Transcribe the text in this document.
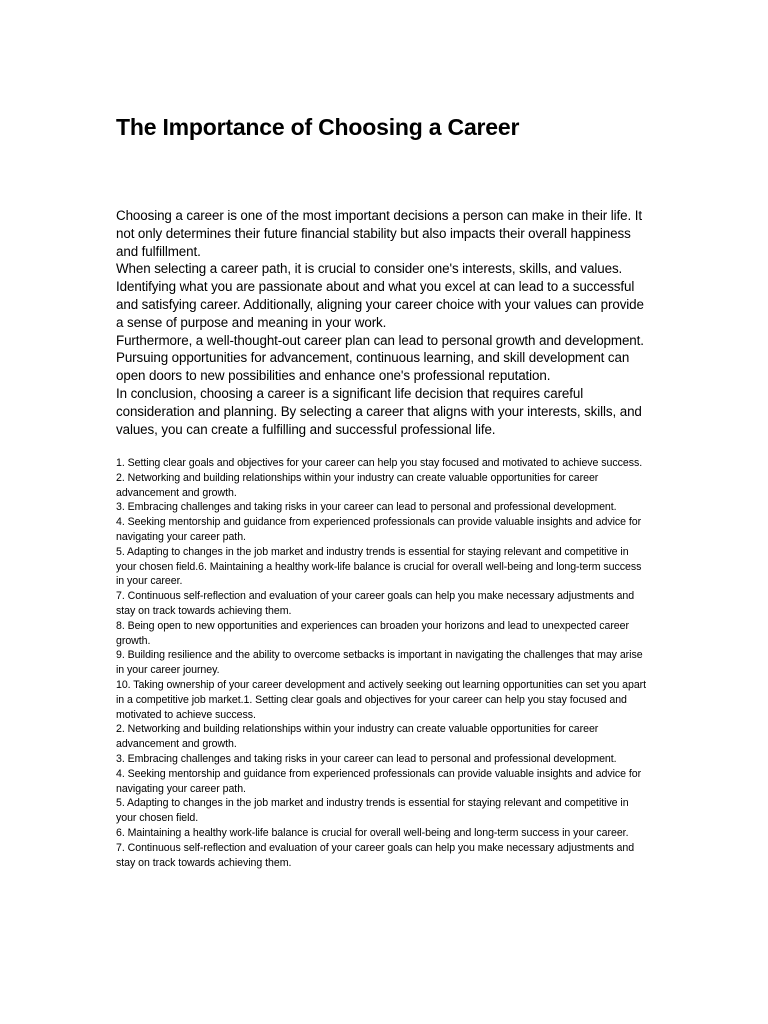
The Importance of Choosing a Career

Choosing a career is one of the most important decisions a person can make in their life. It not only determines their future financial stability but also impacts their overall happiness and fulfillment.

When selecting a career path, it is crucial to consider one's interests, skills, and values. Identifying what you are passionate about and what you excel at can lead to a successful and satisfying career. Additionally, aligning your career choice with your values can provide a sense of purpose and meaning in your work.

Furthermore, a well-thought-out career plan can lead to personal growth and development. Pursuing opportunities for advancement, continuous learning, and skill development can open doors to new possibilities and enhance one's professional reputation.

In conclusion, choosing a career is a significant life decision that requires careful consideration and planning. By selecting a career that aligns with your interests, skills, and values, you can create a fulfilling and successful professional life.

1. Setting clear goals and objectives for your career can help you stay focused and motivated to achieve success.
2. Networking and building relationships within your industry can create valuable opportunities for career advancement and growth.
3. Embracing challenges and taking risks in your career can lead to personal and professional development.
4. Seeking mentorship and guidance from experienced professionals can provide valuable insights and advice for navigating your career path.
5. Adapting to changes in the job market and industry trends is essential for staying relevant and competitive in your chosen field.6. Maintaining a healthy work-life balance is crucial for overall well-being and long-term success in your career.
7. Continuous self-reflection and evaluation of your career goals can help you make necessary adjustments and stay on track towards achieving them.
8. Being open to new opportunities and experiences can broaden your horizons and lead to unexpected career growth.
9. Building resilience and the ability to overcome setbacks is important in navigating the challenges that may arise in your career journey.
10. Taking ownership of your career development and actively seeking out learning opportunities can set you apart in a competitive job market.1. Setting clear goals and objectives for your career can help you stay focused and motivated to achieve success.
2. Networking and building relationships within your industry can create valuable opportunities for career advancement and growth.
3. Embracing challenges and taking risks in your career can lead to personal and professional development.
4. Seeking mentorship and guidance from experienced professionals can provide valuable insights and advice for navigating your career path.
5. Adapting to changes in the job market and industry trends is essential for staying relevant and competitive in your chosen field.
6. Maintaining a healthy work-life balance is crucial for overall well-being and long-term success in your career.
7. Continuous self-reflection and evaluation of your career goals can help you make necessary adjustments and stay on track towards achieving them.
